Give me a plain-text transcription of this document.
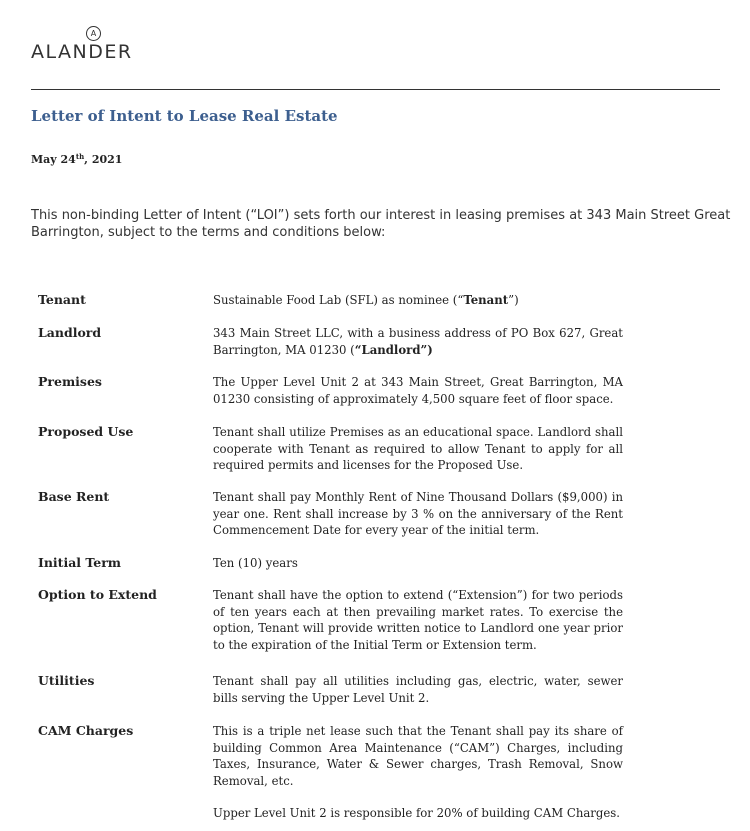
A
ALANDER
Letter of Intent to Lease Real Estate
May 24th, 2021
This non-binding Letter of Intent (“LOI”) sets forth our interest in leasing premises at 343 Main Street Great Barrington, subject to the terms and conditions below:
Tenant	Sustainable Food Lab (SFL) as nominee (“Tenant”)
Landlord	343 Main Street LLC, with a business address of PO Box 627, Great Barrington, MA 01230 (“Landlord”)
Premises	The Upper Level Unit 2 at 343 Main Street, Great Barrington, MA 01230 consisting of approximately 4,500 square feet of floor space.
Proposed Use	Tenant shall utilize Premises as an educational space. Landlord shall cooperate with Tenant as required to allow Tenant to apply for all required permits and licenses for the Proposed Use.
Base Rent	Tenant shall pay Monthly Rent of Nine Thousand Dollars ($9,000) in year one. Rent shall increase by 3 % on the anniversary of the Rent Commencement Date for every year of the initial term.
Initial Term	Ten (10) years
Option to Extend	Tenant shall have the option to extend (“Extension”) for two periods of ten years each at then prevailing market rates. To exercise the option, Tenant will provide written notice to Landlord one year prior to the expiration of the Initial Term or Extension term.
Utilities	Tenant shall pay all utilities including gas, electric, water, sewer bills serving the Upper Level Unit 2.
CAM Charges	This is a triple net lease such that the Tenant shall pay its share of building Common Area Maintenance (“CAM”) Charges, including Taxes, Insurance, Water & Sewer charges, Trash Removal, Snow Removal, etc.

Upper Level Unit 2 is responsible for 20% of building CAM Charges.
